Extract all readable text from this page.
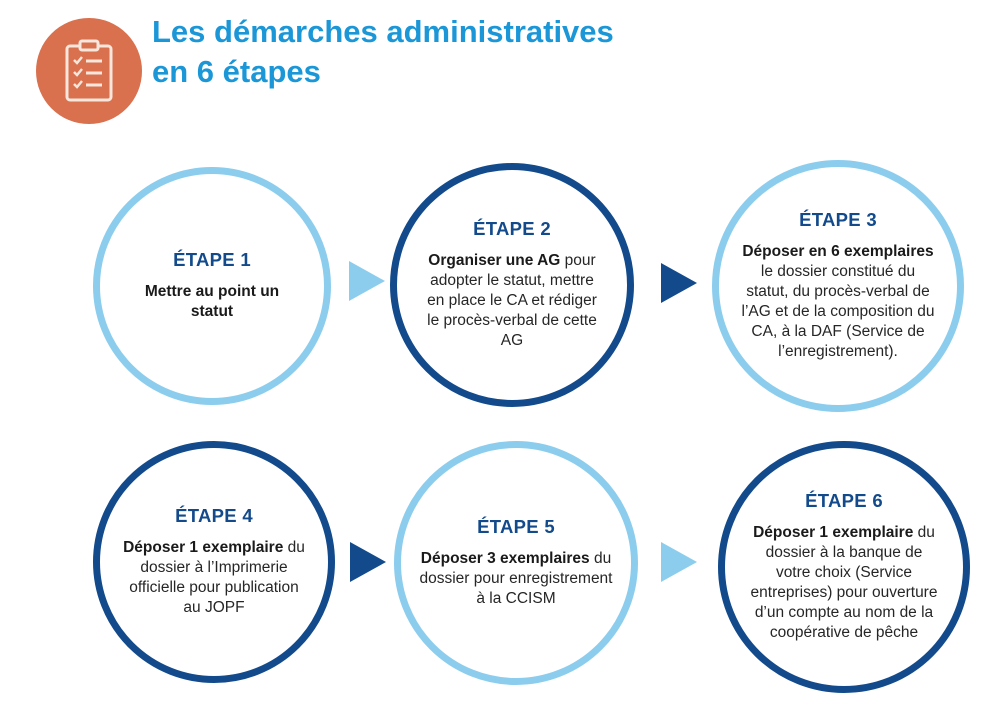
Les démarches administratives
en 6 étapes
ÉTAPE 1
Mettre au point un statut
ÉTAPE 2
Organiser une AG pour adopter le statut, mettre en place le CA et rédiger le procès-verbal de cette AG
ÉTAPE 3
Déposer en 6 exemplaires le dossier constitué du statut, du procès-verbal de l’AG et de la composition du CA, à la DAF (Service de l’enregistrement).
ÉTAPE 4
Déposer 1 exemplaire du dossier à l’Imprimerie officielle pour publication au JOPF
ÉTAPE 5
Déposer 3 exemplaires du dossier pour enregistrement à la CCISM
ÉTAPE 6
Déposer 1 exemplaire du dossier à la banque de votre choix (Service entreprises) pour ouverture d’un compte au nom de la coopérative de pêche
